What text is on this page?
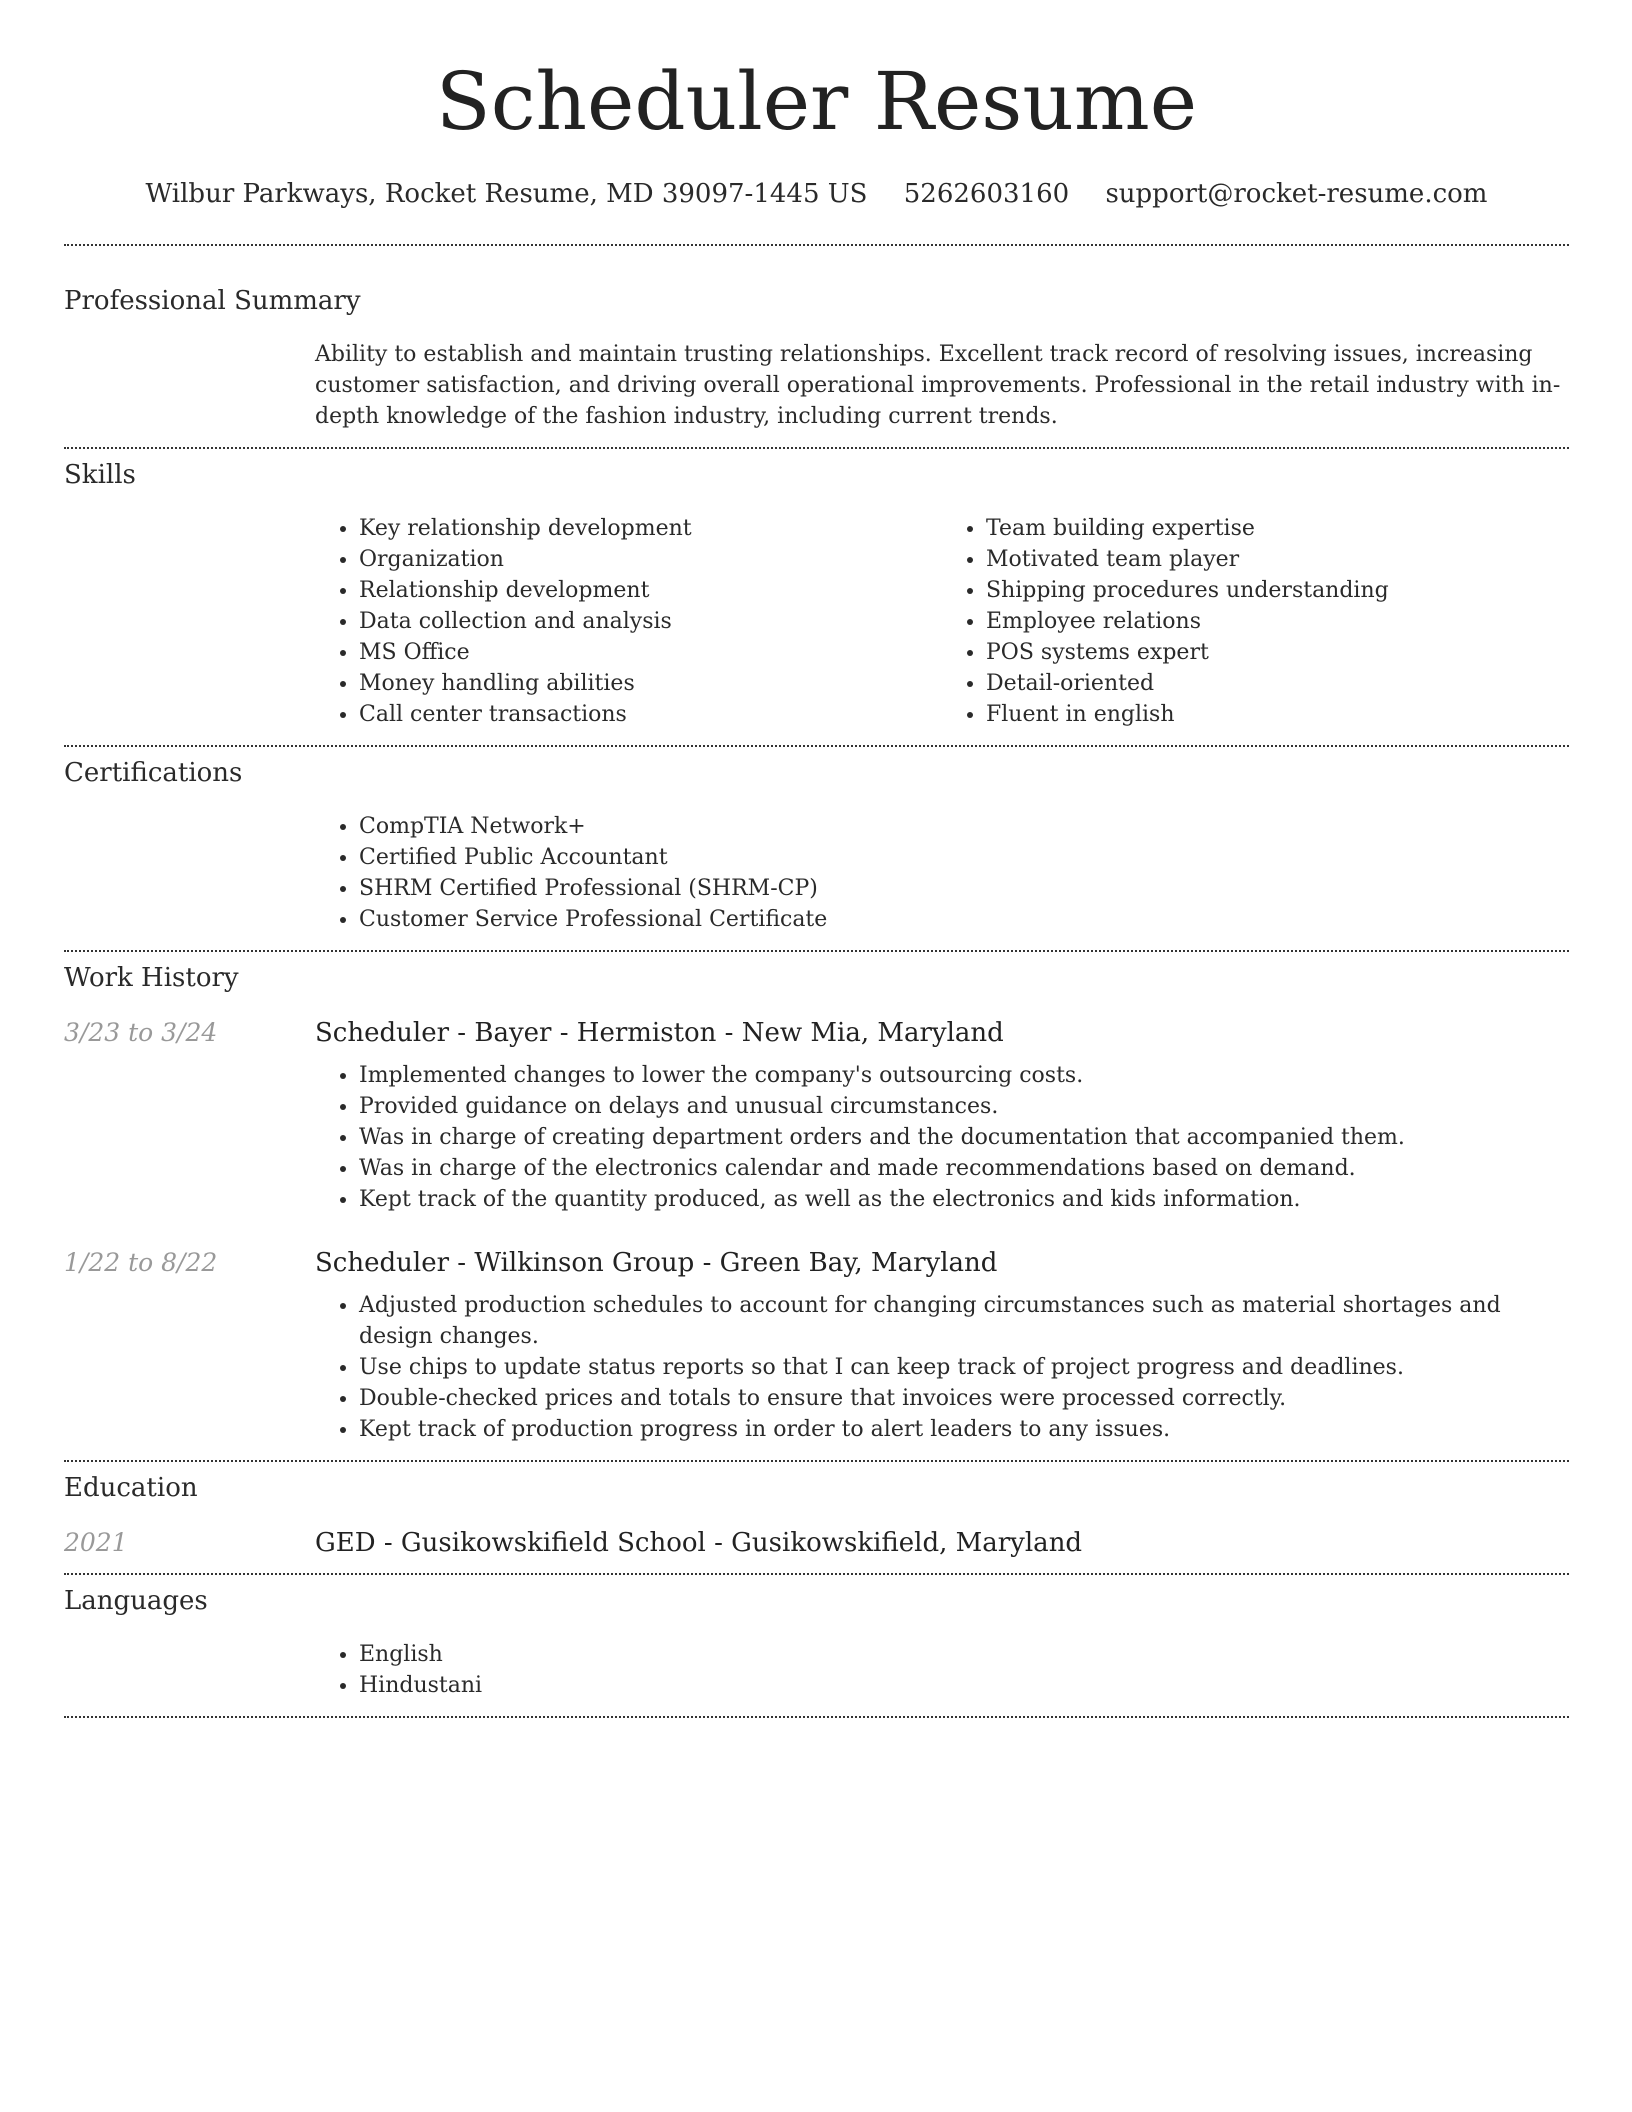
Scheduler Resume
Wilbur Parkways, Rocket Resume, MD 39097-1445 US 5262603160 support@rocket-resume.com
Professional Summary
Ability to establish and maintain trusting relationships. Excellent track record of resolving issues, increasing customer satisfaction, and driving overall operational improvements. Professional in the retail industry with in-depth knowledge of the fashion industry, including current trends.
Skills
• Key relationship development
• Organization
• Relationship development
• Data collection and analysis
• MS Office
• Money handling abilities
• Call center transactions
• Team building expertise
• Motivated team player
• Shipping procedures understanding
• Employee relations
• POS systems expert
• Detail-oriented
• Fluent in english
Certifications
• CompTIA Network+
• Certified Public Accountant
• SHRM Certified Professional (SHRM-CP)
• Customer Service Professional Certificate
Work History
3/23 to 3/24	Scheduler - Bayer - Hermiston - New Mia, Maryland
• Implemented changes to lower the company's outsourcing costs.
• Provided guidance on delays and unusual circumstances.
• Was in charge of creating department orders and the documentation that accompanied them.
• Was in charge of the electronics calendar and made recommendations based on demand.
• Kept track of the quantity produced, as well as the electronics and kids information.
1/22 to 8/22	Scheduler - Wilkinson Group - Green Bay, Maryland
• Adjusted production schedules to account for changing circumstances such as material shortages and design changes.
• Use chips to update status reports so that I can keep track of project progress and deadlines.
• Double-checked prices and totals to ensure that invoices were processed correctly.
• Kept track of production progress in order to alert leaders to any issues.
Education
2021	GED - Gusikowskifield School - Gusikowskifield, Maryland
Languages
• English
• Hindustani
